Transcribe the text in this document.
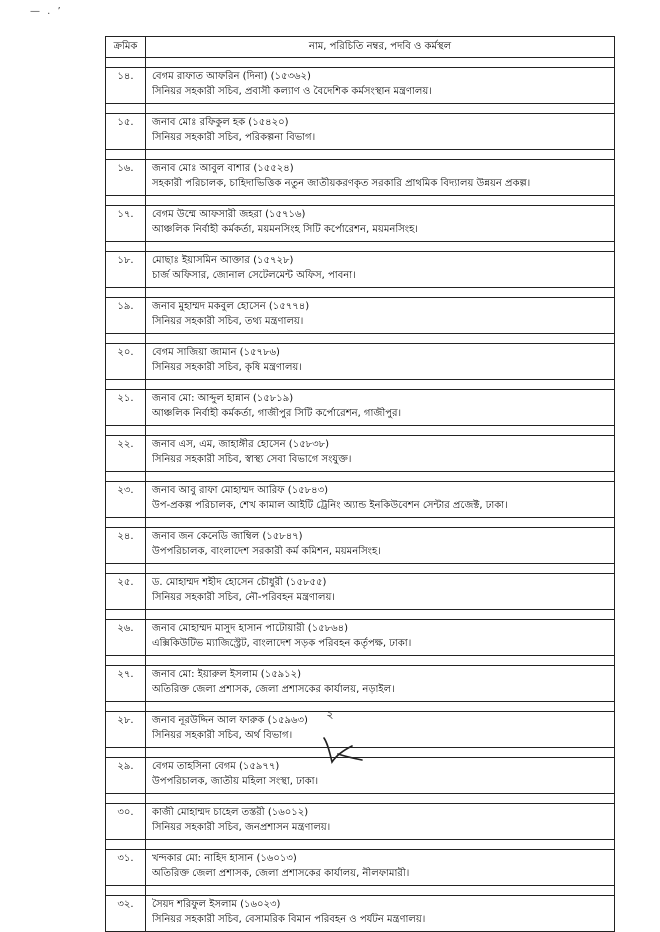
— . ’
ক্রমিক	নাম, পরিচিতি নম্বর, পদবি ও কর্মস্থল

১৪.	বেগম রাফাত আফরিন (দিনা) (১৫৩৬২)
সিনিয়র সহকারী সচিব, প্রবাসী কল্যাণ ও বৈদেশিক কর্মসংস্থান মন্ত্রণালয়।

১৫.	জনাব মোঃ রফিকুল হক (১৫৪২০)
সিনিয়র সহকারী সচিব, পরিকল্পনা বিভাগ।

১৬.	জনাব মোঃ আবুল বাশার (১৫৫২৪)
সহকারী পরিচালক, চাহিদাভিত্তিক নতুন জাতীয়করণকৃত সরকারি প্রাথমিক বিদ্যালয় উন্নয়ন প্রকল্প।

১৭.	বেগম উম্মে আফসারী জহরা (১৫৭১৬)
আঞ্চলিক নির্বাহী কর্মকর্তা, ময়মনসিংহ সিটি কর্পোরেশন, ময়মনসিংহ।

১৮.	মোছাঃ ইয়াসমিন আক্তার (১৫৭২৮)
চার্জ অফিসার, জোনাল সেটেলমেন্ট অফিস, পাবনা।

১৯.	জনাব মুহাম্মদ মকবুল হোসেন (১৫৭৭৪)
সিনিয়র সহকারী সচিব, তথ্য মন্ত্রণালয়।

২০.	বেগম সাজিয়া জামান (১৫৭৮৬)
সিনিয়র সহকারী সচিব, কৃষি মন্ত্রণালয়।

২১.	জনাব মো: আব্দুল হান্নান (১৫৮১৯)
আঞ্চলিক নির্বাহী কর্মকর্তা, গাজীপুর সিটি কর্পোরেশন, গাজীপুর।

২২.	জনাব এস, এম, জাহাঙ্গীর হোসেন (১৫৮৩৮)
সিনিয়র সহকারী সচিব, স্বাস্থ্য সেবা বিভাগে সংযুক্ত।

২৩.	জনাব আবু রাফা মোহাম্মদ আরিফ (১৫৮৪৩)
উপ-প্রকল্প পরিচালক, শেখ কামাল আইটি ট্রেনিং অ্যান্ড ইনকিউবেশন সেন্টার প্রজেক্ট, ঢাকা।

২৪.	জনাব জন কেনেডি জাম্বিল (১৫৮৪৭)
উপপরিচালক, বাংলাদেশ সরকারী কর্ম কমিশন, ময়মনসিংহ।

২৫.	ড. মোহাম্মদ শহীদ হোসেন চৌধুরী (১৫৮৫৫)
সিনিয়র সহকারী সচিব, নৌ-পরিবহন মন্ত্রণালয়।

২৬.	জনাব মোহাম্মদ মাসুদ হাসান পাটোয়ারী (১৫৮৬৪)
এক্সিকিউটিভ ম্যাজিস্ট্রেট, বাংলাদেশ সড়ক পরিবহন কর্তৃপক্ষ, ঢাকা।

২৭.	জনাব মো: ইয়ারুল ইসলাম (১৫৯১২)
অতিরিক্ত জেলা প্রশাসক, জেলা প্রশাসকের কার্যালয়, নড়াইল।

২৮.	জনাব নূরউদ্দিন আল ফারুক (১৫৯৬৩)
সিনিয়র সহকারী সচিব, অর্থ বিভাগ।

২৯.	বেগম তাহসিনা বেগম (১৫৯৭৭)
উপপরিচালক, জাতীয় মহিলা সংস্থা, ঢাকা।

৩০.	কাজী মোহাম্মদ চাহেল তস্তরী (১৬০১২)
সিনিয়র সহকারী সচিব, জনপ্রশাসন মন্ত্রণালয়।

৩১.	খন্দকার মো: নাহিদ হাসান (১৬০১৩)
অতিরিক্ত জেলা প্রশাসক, জেলা প্রশাসকের কার্যালয়, নীলফামারী।

৩২.	সৈয়দ শরিফুল ইসলাম (১৬০২৩)
সিনিয়র সহকারী সচিব, বেসামরিক বিমান পরিবহন ও পর্যটন মন্ত্রণালয়।
২
